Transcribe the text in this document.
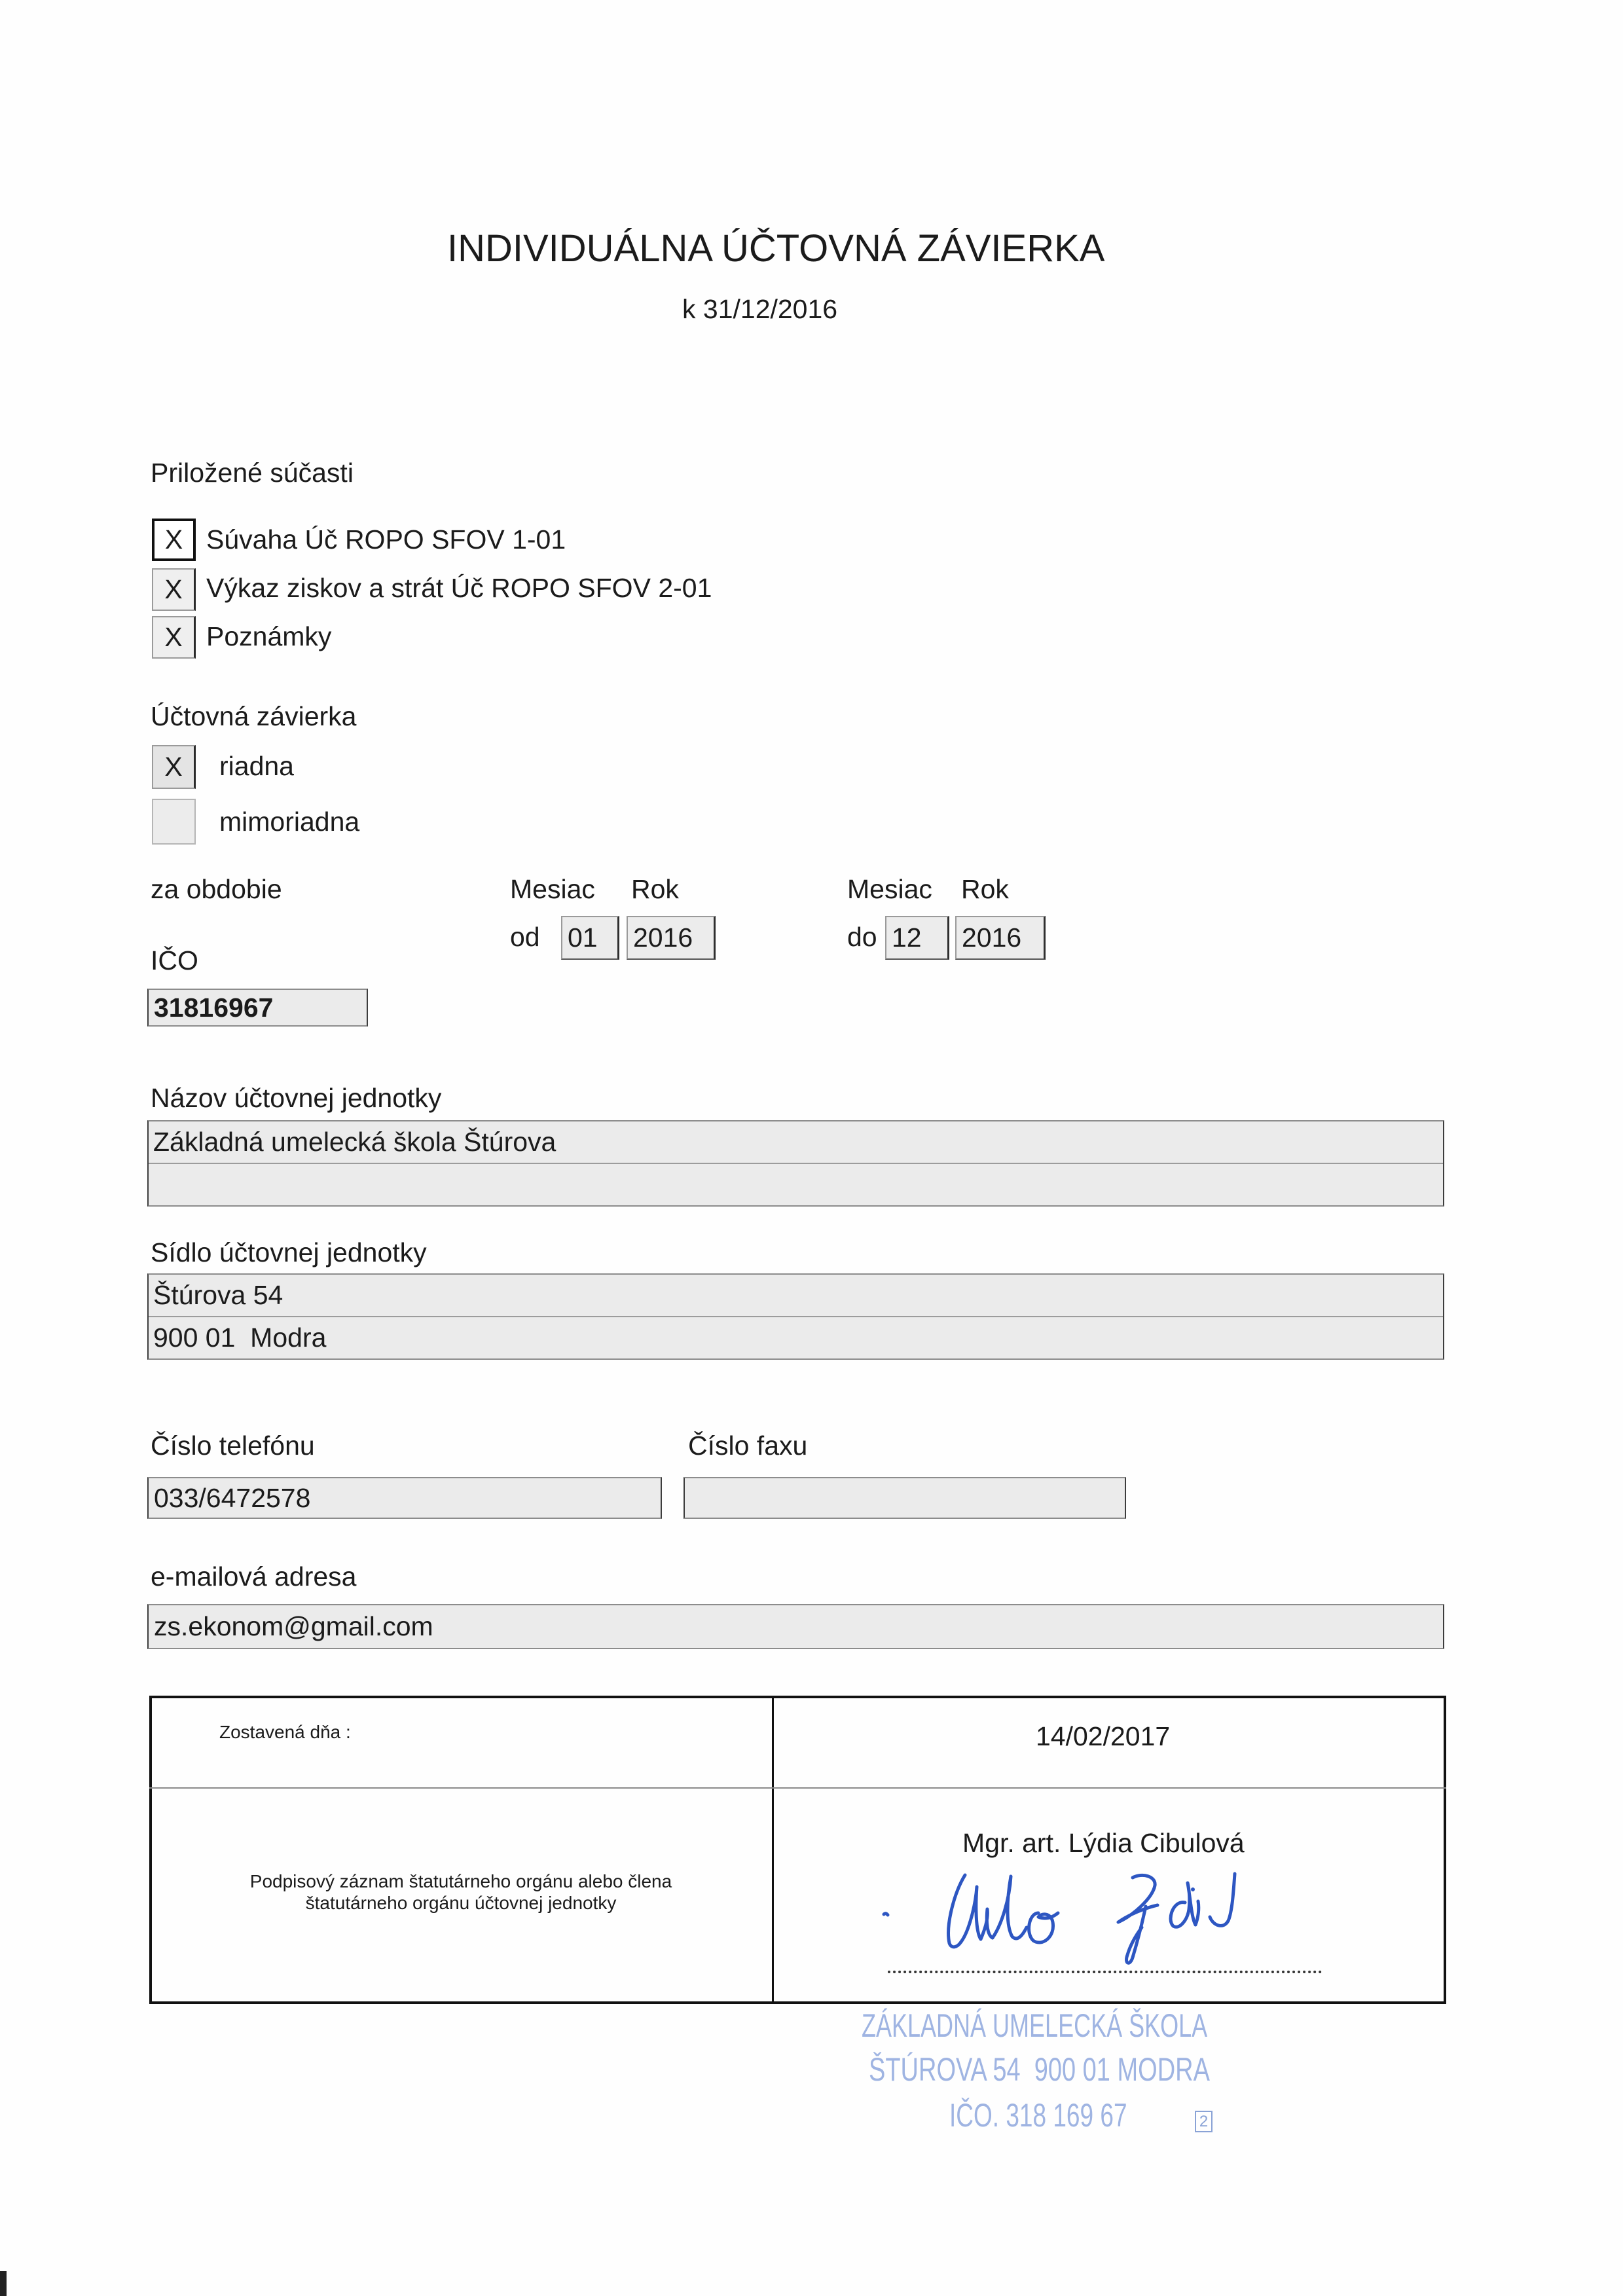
INDIVIDUÁLNA ÚČTOVNÁ ZÁVIERKA
k 31/12/2016
Priložené súčasti
X Súvaha Úč ROPO SFOV 1-01
X Výkaz ziskov a strát Úč ROPO SFOV 2-01
X Poznámky
Účtovná závierka
X	riadna
mimoriadna
za obdobie	Mesiac Rok	Mesiac Rok
od 01	2016	do 12	2016
IČO
31816967
Názov účtovnej jednotky
Základná umelecká škola Štúrova
Sídlo účtovnej jednotky
Štúrova 54
900 01  Modra
Číslo telefónu	Číslo faxu
033/6472578
e-mailová adresa
zs.ekonom@gmail.com
Zostavená dňa :	14/02/2017
Podpisový záznam štatutárneho orgánu alebo člena
štatutárneho orgánu účtovnej jednotky
Mgr. art. Lýdia Cibulová
ZÁKLADNÁ UMELECKÁ ŠKOLA
ŠTÚROVA 54  900 01 MODRA
IČO. 318 169 67	2
